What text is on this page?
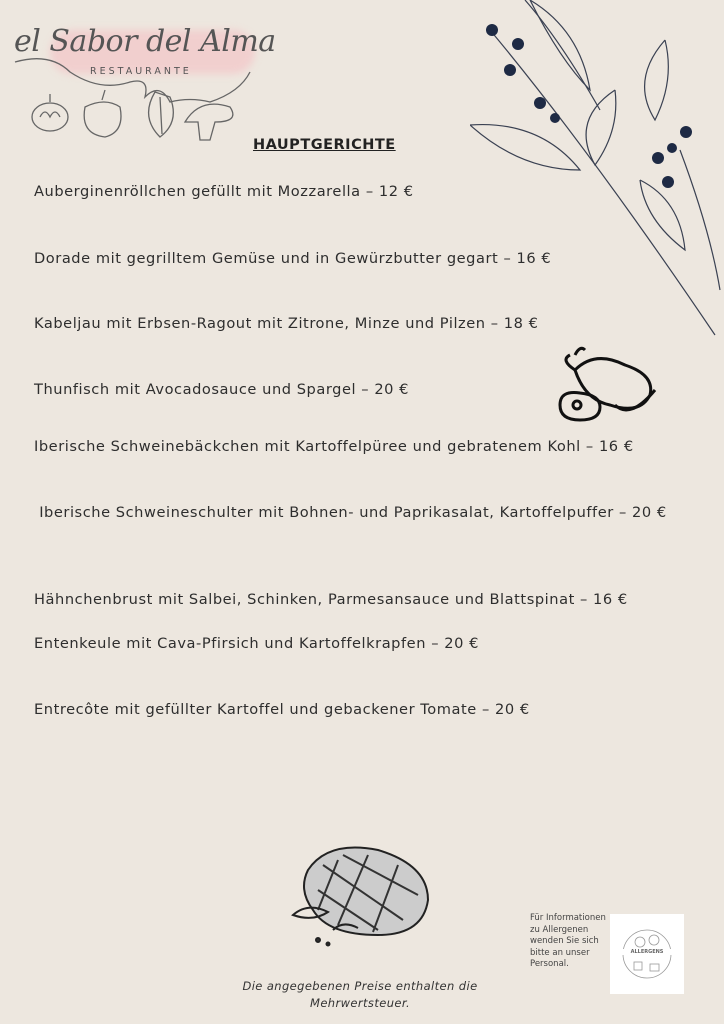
el Sabor del Alma
RESTAURANTE
HAUPTGERICHTE
Auberginenröllchen gefüllt mit Mozzarella – 12 €
Dorade mit gegrilltem Gemüse und in Gewürzbutter gegart – 16 €
Kabeljau mit Erbsen-Ragout mit Zitrone, Minze und Pilzen – 18 €
Thunfisch mit Avocadosauce und Spargel – 20 €
Iberische Schweinebäckchen mit Kartoffelpüree und gebratenem Kohl – 16 €
Iberische Schweineschulter mit Bohnen- und Paprikasalat, Kartoffelpuffer – 20 €
Hähnchenbrust mit Salbei, Schinken, Parmesansauce und Blattspinat – 16 €
Entenkeule mit Cava-Pfirsich und Kartoffelkrapfen – 20 €
Entrecôte mit gefüllter Kartoffel und gebackener Tomate – 20 €
Für Informationen zu Allergenen wenden Sie sich bitte an unser Personal.
ALLERGENS
Die angegebenen Preise enthalten die Mehrwertsteuer.
